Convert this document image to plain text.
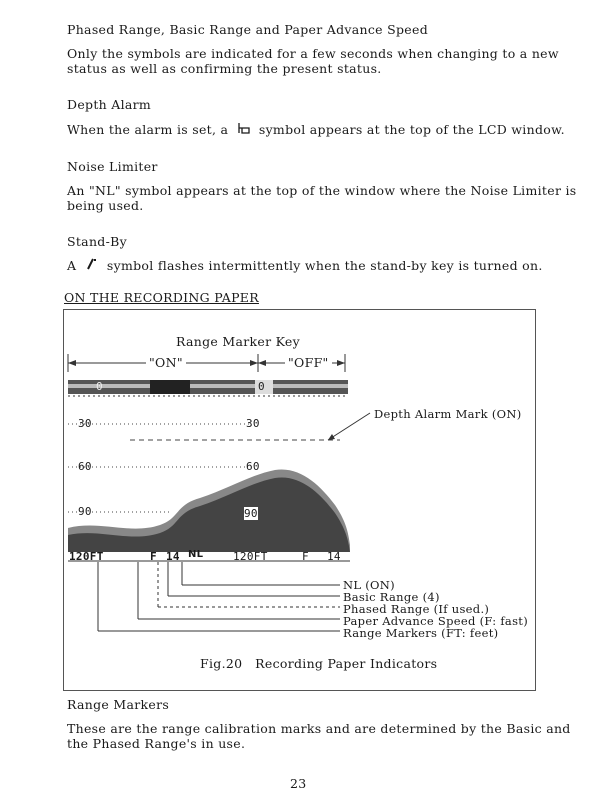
Phased Range, Basic Range and Paper Advance Speed
Only the symbols are indicated for a few seconds when changing to a new
status as well as confirming the present status.
Depth Alarm
When the alarm is set, a symbol appears at the top of the LCD window.
Noise Limiter
An "NL" symbol appears at the top of the window where the Noise Limiter is
being used.
Stand-By
A symbol flashes intermittently when the stand-by key is turned on.
ON THE RECORDING PAPER
Range Marker Key
"ON"	"OFF"
0
30
60
90
0
30
60
90
Depth Alarm Mark (ON)
120FT	F 14 NL	120FT	F 14
NL (ON)
Basic Range (4)
Phased Range (If used.)
Paper Advance Speed (F: fast)
Range Markers (FT: feet)
Fig.20   Recording Paper Indicators
Range Markers
These are the range calibration marks and are determined by the Basic and
the Phased Range's in use.
23
